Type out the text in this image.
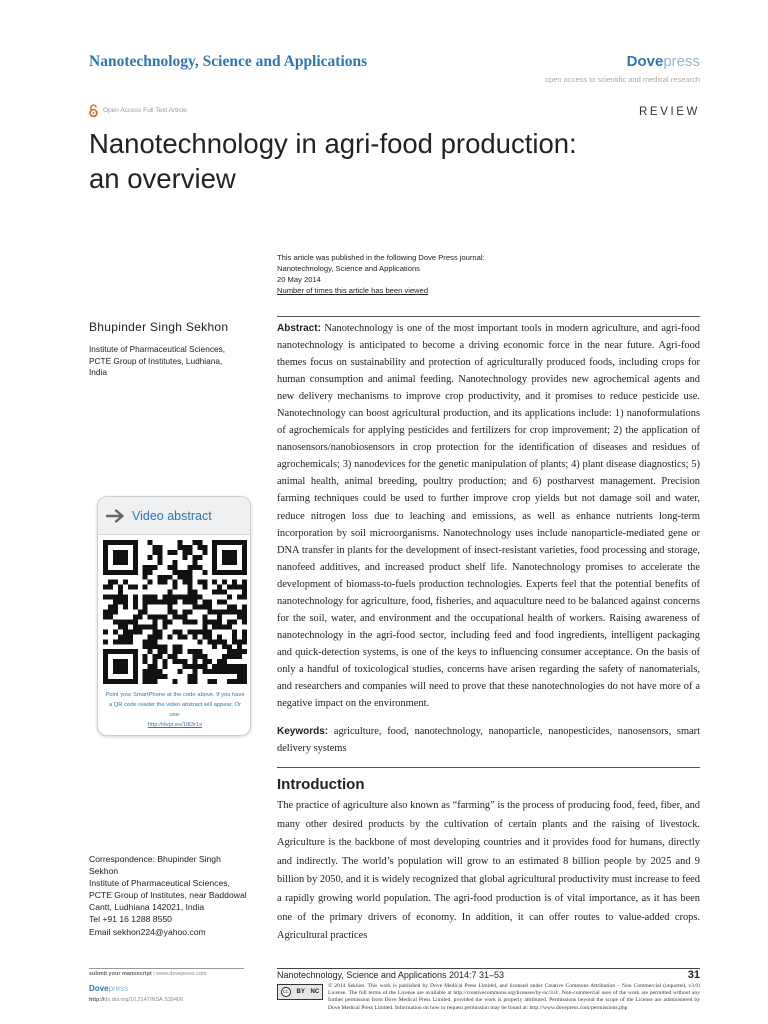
Nanotechnology, Science and Applications	Dovepress
open access to scientific and medical research
Open Access Full Text Article	REVIEW
Nanotechnology in agri-food production:
an overview
This article was published in the following Dove Press journal:
Nanotechnology, Science and Applications
20 May 2014
Number of times this article has been viewed
Bhupinder Singh Sekhon
Institute of Pharmaceutical Sciences,
PCTE Group of Institutes, Ludhiana,
India
Video abstract
Point your SmartPhone at the code above. If you have a QR code reader the video abstract will appear. Or use:
http://dvpr.es/1I83r1s
Correspondence: Bhupinder Singh
Sekhon
Institute of Pharmaceutical Sciences,
PCTE Group of Institutes, near Baddowal
Cantt, Ludhiana 142021, India
Tel +91 16 1288 8550
Email sekhon224@yahoo.com

Abstract: Nanotechnology is one of the most important tools in modern agriculture, and agri-food nanotechnology is anticipated to become a driving economic force in the near future. Agri-food themes focus on sustainability and protection of agriculturally produced foods, including crops for human consumption and animal feeding. Nanotechnology provides new agrochemical agents and new delivery mechanisms to improve crop productivity, and it promises to reduce pesticide use. Nanotechnology can boost agricultural production, and its applications include: 1) nanoformulations of agrochemicals for applying pesticides and fertilizers for crop improvement; 2) the application of nanosensors/nanobiosensors in crop protection for the identification of diseases and residues of agrochemicals; 3) nanodevices for the genetic manipulation of plants; 4) plant disease diagnostics; 5) animal health, animal breeding, poultry production; and 6) postharvest management. Precision farming techniques could be used to further improve crop yields but not damage soil and water, reduce nitrogen loss due to leaching and emissions, as well as enhance nutrients long-term incorporation by soil microorganisms. Nanotechnology uses include nanoparticle-mediated gene or DNA transfer in plants for the development of insect-resistant varieties, food processing and storage, nanofeed additives, and increased product shelf life. Nanotechnology promises to accelerate the development of biomass-to-fuels production technologies. Experts feel that the potential benefits of nanotechnology for agriculture, food, fisheries, and aquaculture need to be balanced against concerns for the soil, water, and environment and the occupational health of workers. Raising awareness of nanotechnology in the agri-food sector, including feed and food ingredients, intelligent packaging and quick-detection systems, is one of the keys to influencing consumer acceptance. On the basis of only a handful of toxicological studies, concerns have arisen regarding the safety of nanomaterials, and researchers and companies will need to prove that these nanotechnologies do not have more of a negative impact on the environment.

Keywords: agriculture, food, nanotechnology, nanoparticle, nanopesticides, nanosensors, smart delivery systems

Introduction

The practice of agriculture also known as “farming” is the process of producing food, feed, fiber, and many other desired products by the cultivation of certain plants and the raising of livestock. Agriculture is the backbone of most developing countries and it provides food for humans, directly and indirectly. The world’s population will grow to an estimated 8 billion people by 2025 and 9 billion by 2050, and it is widely recognized that global agricultural productivity must increase to feed a rapidly growing world population. The agri-food production is of vital importance, as it has been one of the primary drivers of economy. In addition, it can offer routes to value-added crops. Agricultural practices

submit your manuscript | www.dovepress.com
Dovepress
http://dx.doi.org/10.2147/NSA.S39406
Nanotechnology, Science and Applications 2014:7 31–53	31
cc	BY NC

© 2014 Sekhon. This work is published by Dove Medical Press Limited, and licensed under Creative Commons Attribution – Non Commercial (unported, v3.0) License. The full terms of the License are available at http://creativecommons.org/licenses/by-nc/3.0/. Non-commercial uses of the work are permitted without any further permission from Dove Medical Press Limited, provided the work is properly attributed. Permissions beyond the scope of the License are administered by Dove Medical Press Limited. Information on how to request permission may be found at: http://www.dovepress.com/permissions.php
